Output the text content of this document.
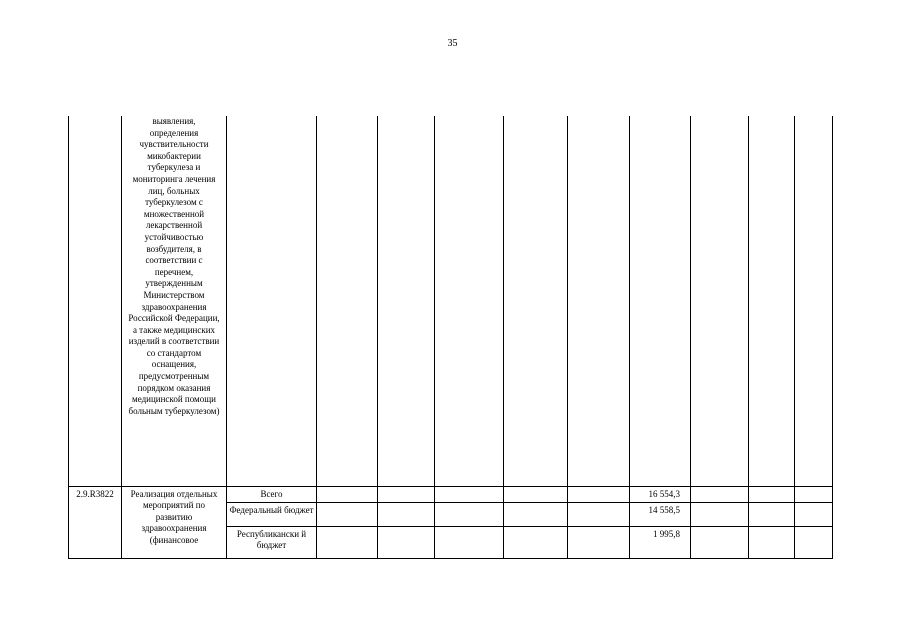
35
	выявления, определения чувствительности микобактерии туберкулеза и мониторинга лечения лиц, больных туберкулезом с множественной лекарственной устойчивостью возбудителя, в соответствии с перечнем, утвержденным Министерством здравоохранения Российской Федерации, а также медицинских изделий в соответствии со стандартом оснащения, предусмотренным порядком оказания медицинской помощи больным туберкулезом)										
2.9.R3822	Реализация отдельных мероприятий по развитию здравоохранения (финансовое	Всего						16 554,3			
		Федеральный бюджет						14 558,5			
		Республикански й бюджет						1 995,8			
